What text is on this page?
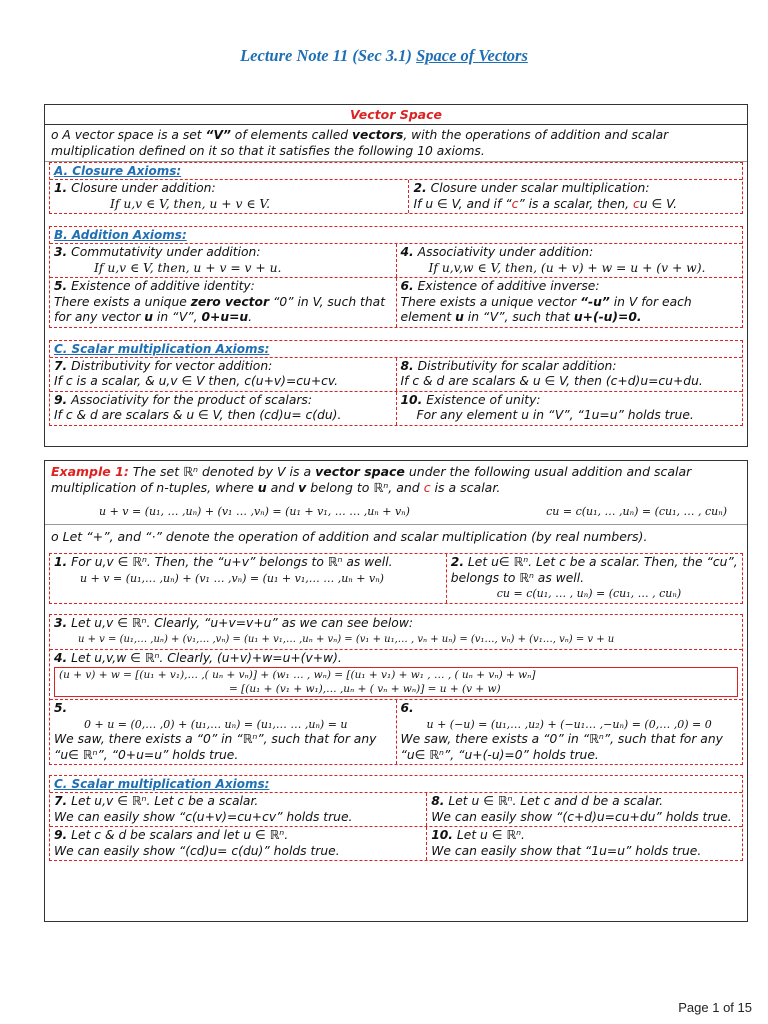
Lecture Note 11 (Sec 3.1) Space of Vectors
Vector Space
o A vector space is a set “V” of elements called vectors, with the operations of addition and scalar multiplication defined on it so that it satisfies the following 10 axioms.
A. Closure Axioms:
1. Closure under addition:
If u,v ∈ V, then, u + v ∈ V.
2. Closure under scalar multiplication:
If u ∈ V, and if “c” is a scalar, then, cu ∈ V.
B. Addition Axioms:
3. Commutativity under addition:
If u,v ∈ V, then, u + v = v + u.
4. Associativity under addition:
If u,v,w ∈ V, then, (u + v) + w = u + (v + w).
5. Existence of additive identity:
There exists a unique zero vector “0” in V, such that for any vector u in “V”, 0+u=u.
6. Existence of additive inverse:
There exists a unique vector “-u” in V for each element u in “V”, such that u+(-u)=0.
C. Scalar multiplication Axioms:
7. Distributivity for vector addition:
If c is a scalar, & u,v ∈ V then, c(u+v)=cu+cv.
8. Distributivity for scalar addition:
If c & d are scalars & u ∈ V, then (c+d)u=cu+du.
9. Associativity for the product of scalars:
If c & d are scalars & u ∈ V, then (cd)u= c(du).
10. Existence of unity:
For any element u in “V”, “1u=u” holds true.
Example 1: The set ℝⁿ denoted by V is a vector space under the following usual addition and scalar multiplication of n-tuples, where u and v belong to ℝⁿ, and c is a scalar.
u + v = (u₁, … ,uₙ) + (v₁ … ,vₙ) = (u₁ + v₁, … … ,uₙ + vₙ)	cu = c(u₁, … ,uₙ) = (cu₁, … , cuₙ)
o Let “+”, and “·” denote the operation of addition and scalar multiplication (by real numbers).
1. For u,v ∈ ℝⁿ. Then, the “u+v” belongs to ℝⁿ as well.
u + v = (u₁,… ,uₙ) + (v₁ … ,vₙ) = (u₁ + v₁,… … ,uₙ + vₙ)
2. Let u∈ ℝⁿ. Let c be a scalar. Then, the “cu”, belongs to ℝⁿ as well.
cu = c(u₁, … , uₙ) = (cu₁, … , cuₙ)
3. Let u,v ∈ ℝⁿ. Clearly, “u+v=v+u” as we can see below:
u + v = (u₁,… ,uₙ) + (v₁,… ,vₙ) = (u₁ + v₁,… ,uₙ + vₙ) = (v₁ + u₁,… , vₙ + uₙ) = (v₁…, vₙ) + (v₁…, vₙ) = v + u
4. Let u,v,w ∈ ℝⁿ. Clearly, (u+v)+w=u+(v+w).
(u + v) + w = [(u₁ + v₁),… ,( uₙ + vₙ)] + (w₁ … , wₙ) = [(u₁ + v₁) + w₁ , … , ( uₙ + vₙ) + wₙ]
= [(u₁ + (v₁ + w₁),… ,uₙ + ( vₙ + wₙ)] = u + (v + w)
5.
0 + u = (0,… ,0) + (u₁,… uₙ) = (u₁,… … ,uₙ) = u
We saw, there exists a “0” in “ℝⁿ”, such that for any “u∈ ℝⁿ”, “0+u=u” holds true.
6.
u + (−u) = (u₁,… ,u₂) + (−u₁… ,−uₙ) = (0,… ,0) = 0
We saw, there exists a “0” in “ℝⁿ”, such that for any “u∈ ℝⁿ”, “u+(-u)=0” holds true.
C. Scalar multiplication Axioms:
7. Let u,v ∈ ℝⁿ. Let c be a scalar.
We can easily show “c(u+v)=cu+cv” holds true.
8. Let u ∈ ℝⁿ. Let c and d be a scalar.
We can easily show “(c+d)u=cu+du” holds true.
9. Let c & d be scalars and let u ∈ ℝⁿ.
We can easily show “(cd)u= c(du)” holds true.
10. Let u ∈ ℝⁿ.
We can easily show that “1u=u” holds true.
Page 1 of 15
